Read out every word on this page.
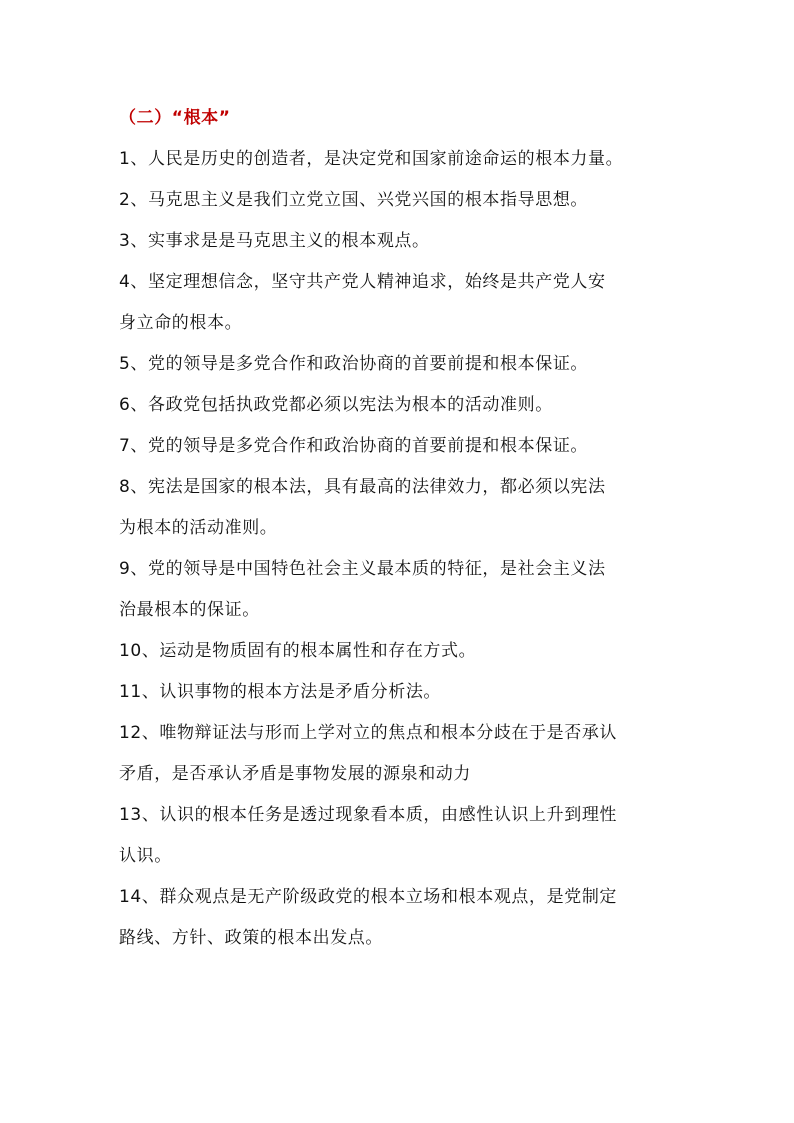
（二）“根本”
1、人民是历史的创造者，是决定党和国家前途命运的根本力量。
2、马克思主义是我们立党立国、兴党兴国的根本指导思想。
3、实事求是是马克思主义的根本观点。
4、坚定理想信念，坚守共产党人精神追求，始终是共产党人安
身立命的根本。
5、党的领导是多党合作和政治协商的首要前提和根本保证。
6、各政党包括执政党都必须以宪法为根本的活动准则。
7、党的领导是多党合作和政治协商的首要前提和根本保证。
8、宪法是国家的根本法，具有最高的法律效力，都必须以宪法
为根本的活动准则。
9、党的领导是中国特色社会主义最本质的特征，是社会主义法
治最根本的保证。
10、运动是物质固有的根本属性和存在方式。
11、认识事物的根本方法是矛盾分析法。
12、唯物辩证法与形而上学对立的焦点和根本分歧在于是否承认
矛盾，是否承认矛盾是事物发展的源泉和动力
13、认识的根本任务是透过现象看本质，由感性认识上升到理性
认识。
14、群众观点是无产阶级政党的根本立场和根本观点，是党制定
路线、方针、政策的根本出发点。
